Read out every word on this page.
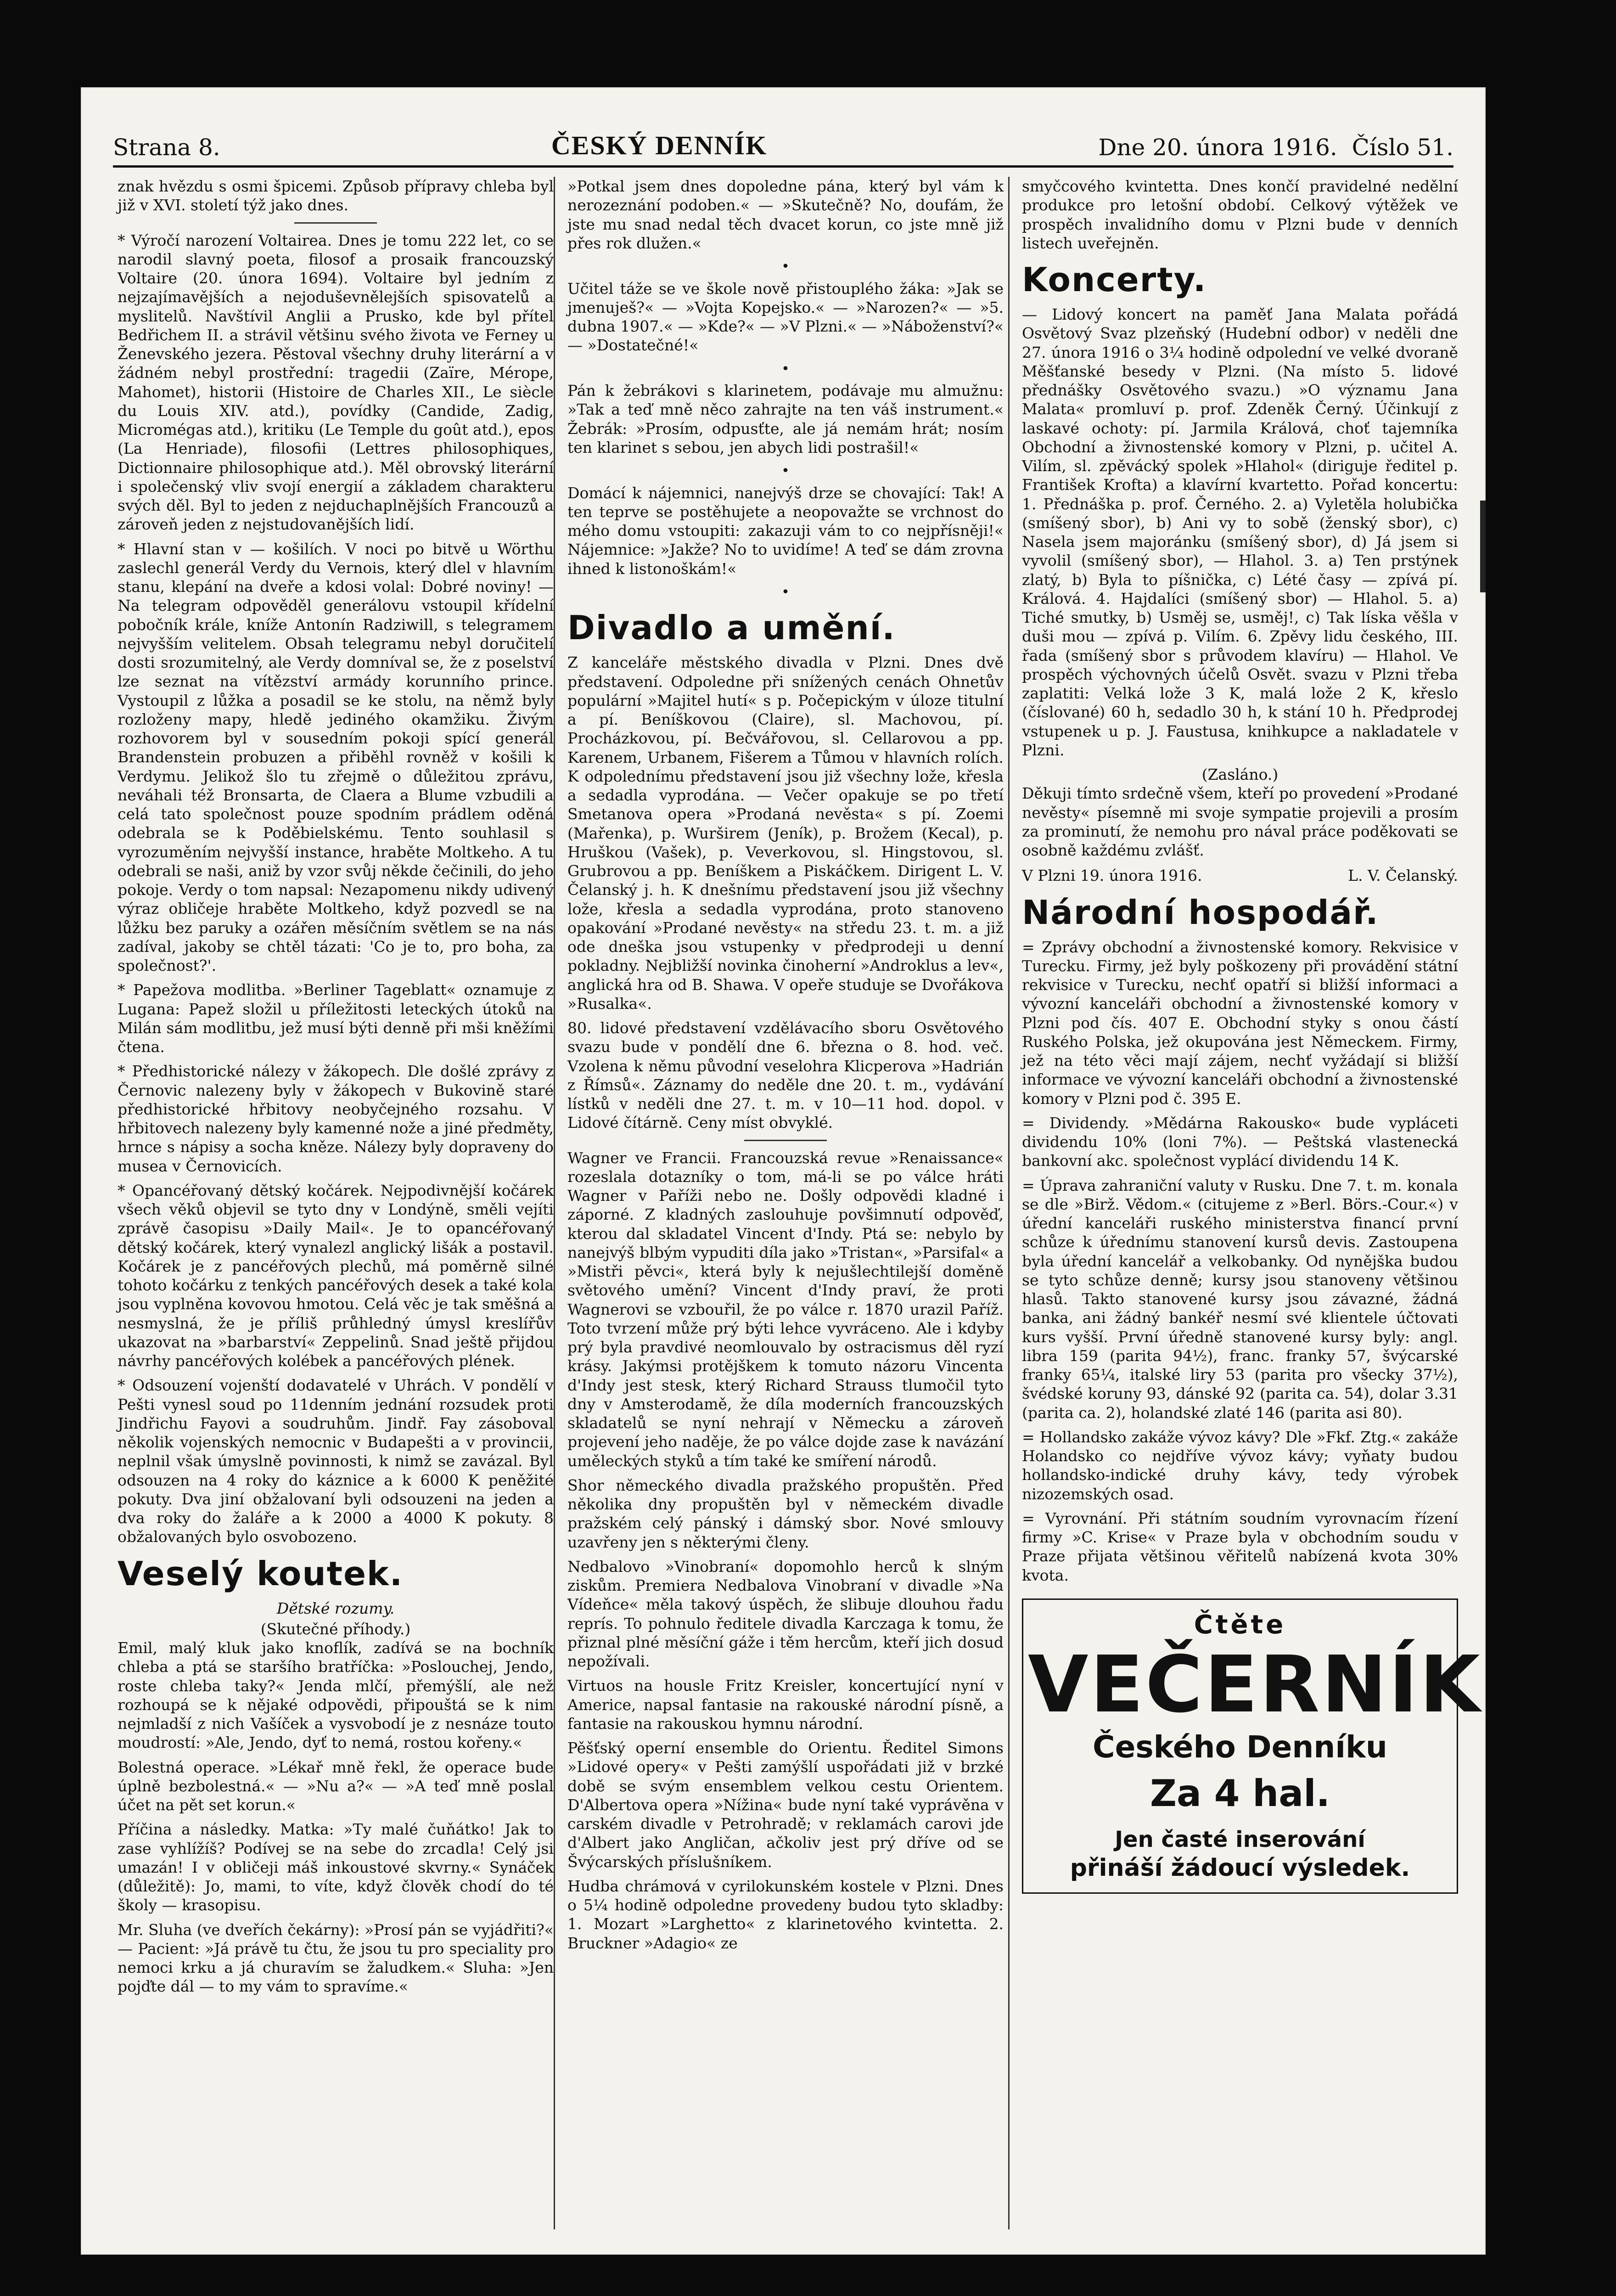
Strana 8.	ČESKÝ DENNÍK	Dne 20. února 1916. Číslo 51.

znak hvězdu s osmi špicemi. Způsob přípravy chleba byl již v XVI. století týž jako dnes.

* Výročí narození Voltairea. Dnes je tomu 222 let, co se narodil slavný poeta, filosof a prosaik francouzský Voltaire (20. února 1694). Voltaire byl jedním z nejzajímavějších a nejoduševnělejších spisovatelů a myslitelů. Navštívil Anglii a Prusko, kde byl přítel Bedřichem II. a strávil většinu svého života ve Ferney u Ženevského jezera. Pěstoval všechny druhy literární a v žádném nebyl prostřední: tragedii (Zaïre, Mérope, Mahomet), historii (Histoire de Charles XII., Le siècle du Louis XIV. atd.), povídky (Candide, Zadig, Micromégas atd.), kritiku (Le Temple du goût atd.), epos (La Henriade), filosofii (Lettres philosophiques, Dictionnaire philosophique atd.). Měl obrovský literární i společenský vliv svojí energií a základem charakteru svých děl. Byl to jeden z nejduchaplnějších Francouzů a zároveň jeden z nejstudovanějších lidí.

* Hlavní stan v — košilích. V noci po bitvě u Wörthu zaslechl generál Verdy du Vernois, který dlel v hlavním stanu, klepání na dveře a kdosi volal: Dobré noviny! — Na telegram odpověděl generálovu vstoupil křídelní pobočník krále, kníže Antonín Radziwill, s telegramem nejvyšším velitelem. Obsah telegramu nebyl doručitelí dosti srozumitelný, ale Verdy domníval se, že z poselství lze seznat na vítězství armády korunního prince. Vystoupil z lůžka a posadil se ke stolu, na němž byly rozloženy mapy, hledě jediného okamžiku. Živým rozhovorem byl v sousedním pokoji spící generál Brandenstein probuzen a přiběhl rovněž v košili k Verdymu. Jelikož šlo tu zřejmě o důležitou zprávu, neváhali též Bronsarta, de Claera a Blume vzbudili a celá tato společnost pouze spodním prádlem oděná odebrala se k Poděbielskému. Tento souhlasil s vyrozuměním nejvyšší instance, hraběte Moltkeho. A tu odebrali se naši, aniž by vzor svůj někde čečinili, do jeho pokoje. Verdy o tom napsal: Nezapomenu nikdy udivený výraz obličeje hraběte Moltkeho, když pozvedl se na lůžku bez paruky a ozářen měsíčním světlem se na nás zadíval, jakoby se chtěl tázati: 'Co je to, pro boha, za společnost?'.

* Papežova modlitba. »Berliner Tageblatt« oznamuje z Lugana: Papež složil u příležitosti leteckých útoků na Milán sám modlitbu, jež musí býti denně při mši kněžími čtena.

* Předhistorické nálezy v žákopech. Dle došlé zprávy z Černovic nalezeny byly v žákopech v Bukovině staré předhistorické hřbitovy neobyčejného rozsahu. V hřbitovech nalezeny byly kamenné nože a jiné předměty, hrnce s nápisy a socha kněze. Nálezy byly dopraveny do musea v Černovicích.

* Opancéřovaný dětský kočárek. Nejpodivnější kočárek všech věků objevil se tyto dny v Londýně, směli vejíti zprávě časopisu »Daily Mail«. Je to opancéřovaný dětský kočárek, který vynalezl anglický lišák a postavil. Kočárek je z pancéřových plechů, má poměrně silné tohoto kočárku z tenkých pancéřových desek a také kola jsou vyplněna kovovou hmotou. Celá věc je tak směšná a nesmyslná, že je příliš průhledný úmysl kreslířův ukazovat na »barbarství« Zeppelinů. Snad ještě přijdou návrhy pancéřových kolébek a pancéřových plének.

* Odsouzení vojenští dodavatelé v Uhrách. V pondělí v Pešti vynesl soud po 11denním jednání rozsudek proti Jindřichu Fayovi a soudruhům. Jindř. Fay zásoboval několik vojenských nemocnic v Budapešti a v provincii, neplnil však úmyslně povinnosti, k nimž se zavázal. Byl odsouzen na 4 roky do káznice a k 6000 K peněžité pokuty. Dva jiní obžalovaní byli odsouzeni na jeden a dva roky do žaláře a k 2000 a 4000 K pokuty. 8 obžalovaných bylo osvobozeno.

Veselý koutek.
Dětské rozumy.
(Skutečné příhody.)

Emil, malý kluk jako knoflík, zadívá se na bochník chleba a ptá se staršího bratříčka: »Poslouchej, Jendo, roste chleba taky?« Jenda mlčí, přemýšlí, ale než rozhoupá se k nějaké odpovědi, připouštá se k nim nejmladší z nich Vašíček a vysvobodí je z nesnáze touto moudrostí: »Ale, Jendo, dyť to nemá, rostou kořeny.«

Bolestná operace. »Lékař mně řekl, že operace bude úplně bezbolestná.« — »Nu a?« — »A teď mně poslal účet na pět set korun.«

Příčina a následky. Matka: »Ty malé čuňátko! Jak to zase vyhlížíš? Podívej se na sebe do zrcadla! Celý jsi umazán! I v obličeji máš inkoustové skvrny.« Synáček (důležitě): Jo, mami, to víte, když člověk chodí do té školy — krasopisu.

Mr. Sluha (ve dveřích čekárny): »Prosí pán se vyjádřiti?« — Pacient: »Já právě tu čtu, že jsou tu pro speciality pro nemoci krku a já churavím se žaludkem.« Sluha: »Jen pojďte dál — to my vám to spravíme.«

»Potkal jsem dnes dopoledne pána, který byl vám k nerozeznání podoben.« — »Skutečně? No, doufám, že jste mu snad nedal těch dvacet korun, co jste mně již přes rok dlužen.«

•

Učitel táže se ve škole nově přistouplého žáka: »Jak se jmenuješ?« — »Vojta Kopejsko.« — »Narozen?« — »5. dubna 1907.« — »Kde?« — »V Plzni.« — »Náboženství?« — »Dostatečné!«

•

Pán k žebrákovi s klarinetem, podávaje mu almužnu: »Tak a teď mně něco zahrajte na ten váš instrument.« Žebrák: »Prosím, odpusťte, ale já nemám hrát; nosím ten klarinet s sebou, jen abych lidi postrašil!«

•

Domácí k nájemnici, nanejvýš drze se chovající: Tak! A ten teprve se postěhujete a neopovažte se vrchnost do mého domu vstoupiti: zakazuji vám to co nejpřísněji!« Nájemnice: »Jakže? No to uvidíme! A teď se dám zrovna ihned k listonoškám!«

•
Divadlo a umění.

Z kanceláře městského divadla v Plzni. Dnes dvě představení. Odpoledne při snížených cenách Ohnetův populární »Majitel hutí« s p. Počepickým v úloze titulní a pí. Beníškovou (Claire), sl. Machovou, pí. Procházkovou, pí. Bečvářovou, sl. Cellarovou a pp. Karenem, Urbanem, Fišerem a Tůmou v hlavních rolích. K odpolednímu představení jsou již všechny lože, křesla a sedadla vyprodána. — Večer opakuje se po třetí Smetanova opera »Prodaná nevěsta« s pí. Zoemi (Mařenka), p. Wurširem (Jeník), p. Brožem (Kecal), p. Hruškou (Vašek), p. Veverkovou, sl. Hingstovou, sl. Grubrovou a pp. Beníškem a Piskáčkem. Dirigent L. V. Čelanský j. h. K dnešnímu představení jsou již všechny lože, křesla a sedadla vyprodána, proto stanoveno opakování »Prodané nevěsty« na středu 23. t. m. a již ode dneška jsou vstupenky v předprodeji u denní pokladny. Nejbližší novinka činoherní »Androklus a lev«, anglická hra od B. Shawa. V opeře studuje se Dvořákova »Rusalka«.

80. lidové představení vzdělávacího sboru Osvětového svazu bude v pondělí dne 6. března o 8. hod. več. Vzolena k němu původní veselohra Klicperova »Hadrián z Římsů«. Záznamy do neděle dne 20. t. m., vydávání lístků v neděli dne 27. t. m. v 10—11 hod. dopol. v Lidové čítárně. Ceny míst obvyklé.

Wagner ve Francii. Francouzská revue »Renaissance« rozeslala dotazníky o tom, má-li se po válce hráti Wagner v Paříži nebo ne. Došly odpovědi kladné i záporné. Z kladných zaslouhuje povšimnutí odpověď, kterou dal skladatel Vincent d'Indy. Ptá se: nebylo by nanejvýš blbým vypuditi díla jako »Tristan«, »Parsifal« a »Mistři pěvci«, která byly k nejušlechtilejší doměně světového umění? Vincent d'Indy praví, že proti Wagnerovi se vzbouřil, že po válce r. 1870 urazil Paříž. Toto tvrzení může prý býti lehce vyvráceno. Ale i kdyby prý byla pravdivé neomlouvalo by ostracismus děl ryzí krásy. Jakýmsi protějškem k tomuto názoru Vincenta d'Indy jest stesk, který Richard Strauss tlumočil tyto dny v Amsterodamě, že díla moderních francouzských skladatelů se nyní nehrají v Německu a zároveň projevení jeho naděje, že po válce dojde zase k navázání uměleckých styků a tím také ke smíření národů.

Shor německého divadla pražského propuštěn. Před několika dny propuštěn byl v německém divadle pražském celý pánský i dámský sbor. Nové smlouvy uzavřeny jen s některými členy.

Nedbalovo »Vinobraní« dopomohlo herců k slným ziskům. Premiera Nedbalova Vinobraní v divadle »Na Vídeňce« měla takový úspěch, že slibuje dlouhou řadu reprís. To pohnulo ředitele divadla Karczaga k tomu, že přiznal plné měsíční gáže i těm hercům, kteří jich dosud nepožívali.

Virtuos na housle Fritz Kreisler, koncertující nyní v Americe, napsal fantasie na rakouské národní písně, a fantasie na rakouskou hymnu národní.

Pěšťský operní ensemble do Orientu. Ředitel Simons »Lidové opery« v Pešti zamýšlí uspořádati již v brzké době se svým ensemblem velkou cestu Orientem. D'Albertova opera »Nížina« bude nyní také vyprávěna v carském divadle v Petrohradě; v reklamách carovi jde d'Albert jako Angličan, ačkoliv jest prý dříve od se Švýcarských příslušníkem.

Hudba chrámová v cyrilokunském kostele v Plzni. Dnes o 5¼ hodině odpoledne provedeny budou tyto skladby: 1. Mozart »Larghetto« z klarinetového kvintetta. 2. Bruckner »Adagio« ze

smyčcového kvintetta. Dnes končí pravidelné nedělní produkce pro letošní období. Celkový výtěžek ve prospěch invalidního domu v Plzni bude v denních listech uveřejněn.

Koncerty.

— Lidový koncert na paměť Jana Malata pořádá Osvětový Svaz plzeňský (Hudební odbor) v neděli dne 27. února 1916 o 3¼ hodině odpolední ve velké dvoraně Měšťanské besedy v Plzni. (Na místo 5. lidové přednášky Osvětového svazu.) »O významu Jana Malata« promluví p. prof. Zdeněk Černý. Účinkují z laskavé ochoty: pí. Jarmila Králová, choť tajemníka Obchodní a živnostenské komory v Plzni, p. učitel A. Vilím, sl. zpěvácký spolek »Hlahol« (diriguje ředitel p. František Krofta) a klavírní kvartetto. Pořad koncertu: 1. Přednáška p. prof. Černého. 2. a) Vyletěla holubička (smíšený sbor), b) Ani vy to sobě (ženský sbor), c) Nasela jsem majoránku (smíšený sbor), d) Já jsem si vyvolil (smíšený sbor), — Hlahol. 3. a) Ten prstýnek zlatý, b) Byla to píšnička, c) Lété časy — zpívá pí. Králová. 4. Hajdalíci (smíšený sbor) — Hlahol. 5. a) Tiché smutky, b) Usměj se, usměj!, c) Tak líska věšla v duši mou — zpívá p. Vilím. 6. Zpěvy lidu českého, III. řada (smíšený sbor s průvodem klavíru) — Hlahol. Ve prospěch výchovných účelů Osvět. svazu v Plzni třeba zaplatiti: Velká lože 3 K, malá lože 2 K, křeslo (číslované) 60 h, sedadlo 30 h, k stání 10 h. Předprodej vstupenek u p. J. Faustusa, knihkupce a nakladatele v Plzni.

(Zasláno.)

Děkuji tímto srdečně všem, kteří po provedení »Prodané nevěsty« písemně mi svoje sympatie projevili a prosím za prominutí, že nemohu pro nával práce poděkovati se osobně každému zvlášť.

V Plzni 19. února 1916.	L. V. Čelanský.
Národní hospodář.

= Zprávy obchodní a živnostenské komory. Rekvisice v Turecku. Firmy, jež byly poškozeny při provádění státní rekvisice v Turecku, nechť opatří si bližší informaci a vývozní kanceláři obchodní a živnostenské komory v Plzni pod čís. 407 E. Obchodní styky s onou částí Ruského Polska, jež okupována jest Německem. Firmy, jež na této věci mají zájem, nechť vyžádají si bližší informace ve vývozní kanceláři obchodní a živnostenské komory v Plzni pod č. 395 E.

= Dividendy. »Mědárna Rakousko« bude vypláceti dividendu 10% (loni 7%). — Peštská vlastenecká bankovní akc. společnost vyplácí dividendu 14 K.

= Úprava zahraniční valuty v Rusku. Dne 7. t. m. konala se dle »Birž. Vědom.« (citujeme z »Berl. Börs.-Cour.«) v úřední kanceláři ruského ministerstva financí první schůze k úřednímu stanovení kursů devis. Zastoupena byla úřední kancelář a velkobanky. Od nynějška budou se tyto schůze denně; kursy jsou stanoveny většinou hlasů. Takto stanovené kursy jsou závazné, žádná banka, ani žádný bankéř nesmí své klientele účtovati kurs vyšší. První úředně stanovené kursy byly: angl. libra 159 (parita 94½), franc. franky 57, švýcarské franky 65¼, italské liry 53 (parita pro všecky 37½), švédské koruny 93, dánské 92 (parita ca. 54), dolar 3.31 (parita ca. 2), holandské zlaté 146 (parita asi 80).

= Hollandsko zakáže vývoz kávy? Dle »Fkf. Ztg.« zakáže Holandsko co nejdříve vývoz kávy; vyňaty budou hollandsko-indické druhy kávy, tedy výrobek nizozemských osad.

= Vyrovnání. Při státním soudním vyrovnacím řízení firmy »C. Krise« v Praze byla v obchodním soudu v Praze přijata většinou věřitelů nabízená kvota 30% kvota.

Čtěte
VEČERNÍK
Českého Denníku
Za 4 hal.
Jen časté inserování
přináší žádoucí výsledek.
